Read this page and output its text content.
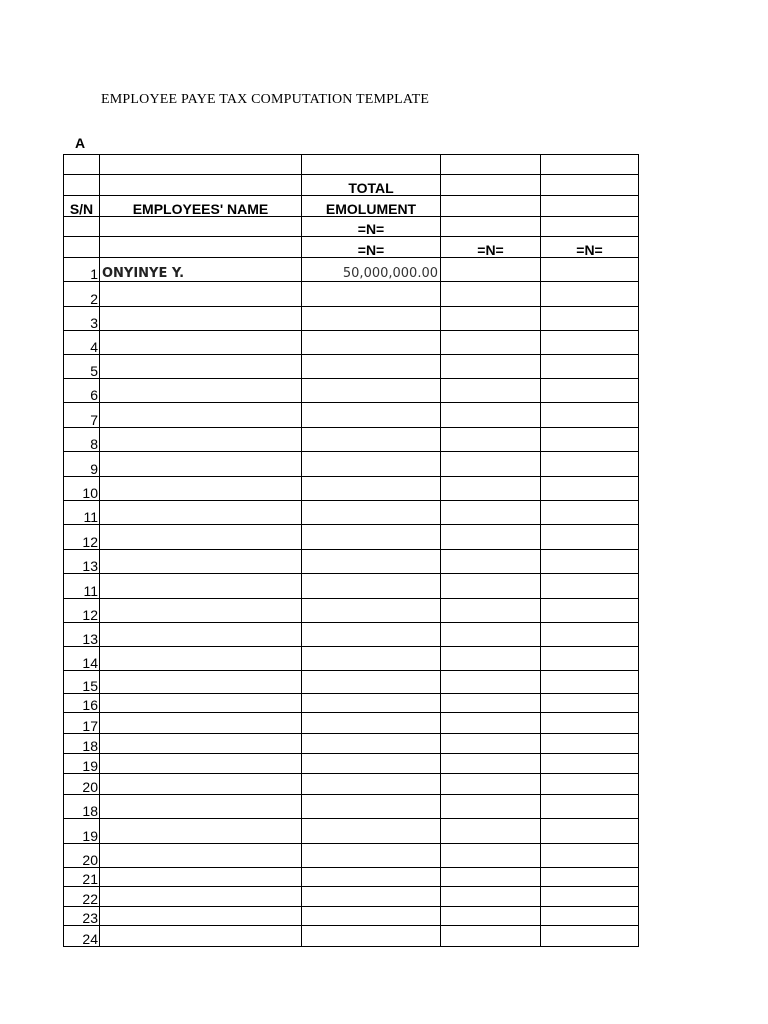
EMPLOYEE PAYE TAX COMPUTATION TEMPLATE
A

		TOTAL		
S/N	EMPLOYEES' NAME	EMOLUMENT		
		=N=		
		=N=	=N=	=N=
1	ONYINYE Y.	50,000,000.00		
2				
3				
4				
5				
6				
7				
8				
9				
10				
11				
12				
13				
11				
12				
13				
14				
15				
16				
17				
18				
19				
20				
18				
19				
20				
21				
22				
23				
24				
